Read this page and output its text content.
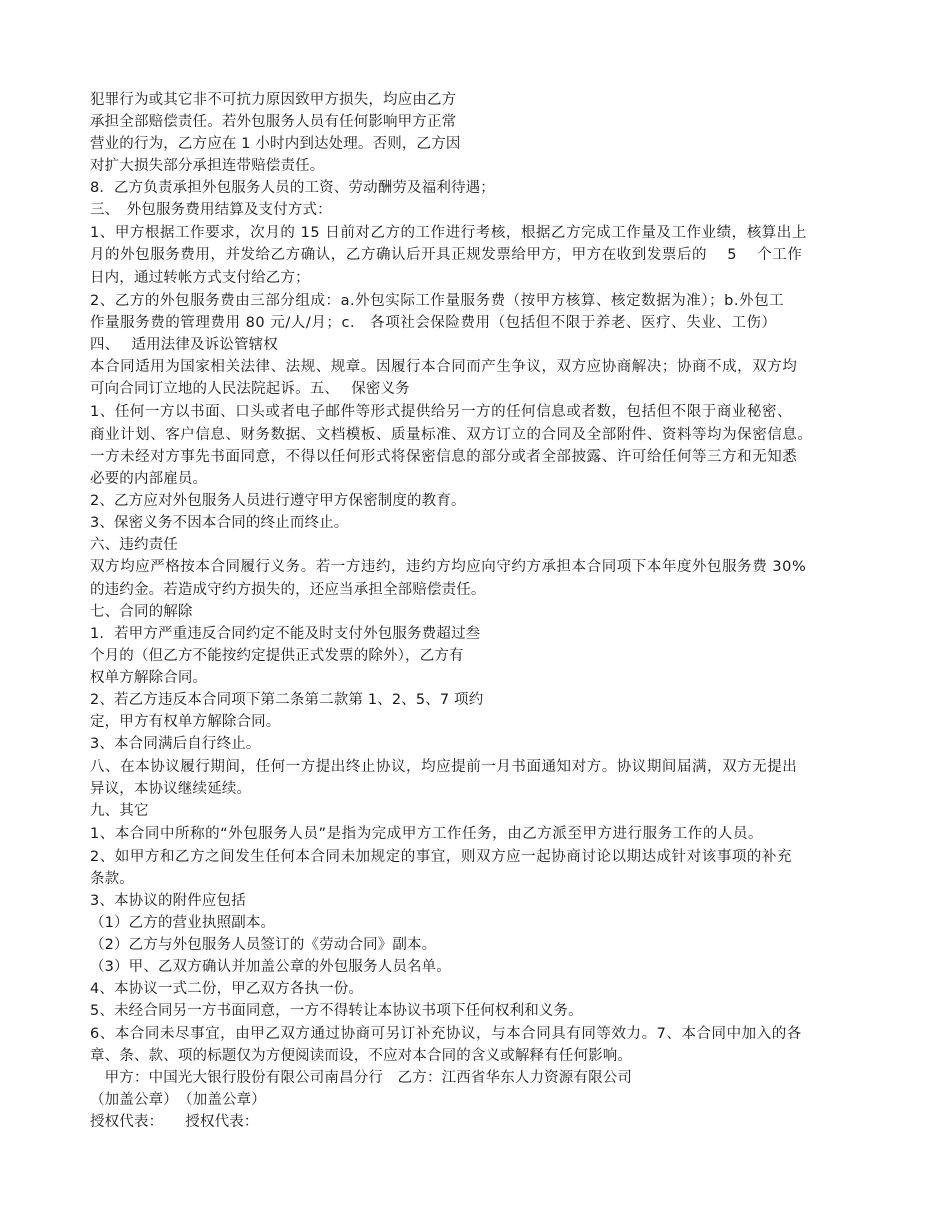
犯罪行为或其它非不可抗力原因致甲方损失，均应由乙方
承担全部赔偿责任。若外包服务人员有任何影响甲方正常
营业的行为，乙方应在 1 小时内到达处理。否则，乙方因
对扩大损失部分承担连带赔偿责任。
8．乙方负责承担外包服务人员的工资、劳动酬劳及福利待遇；
三、　外包服务费用结算及支付方式：
1、甲方根据工作要求，次月的 15 日前对乙方的工作进行考核，根据乙方完成工作量及工作业绩，核算出上
月的外包服务费用，并发给乙方确认，乙方确认后开具正规发票给甲方，甲方在收到发票后的　 5　 个工作
日内，通过转帐方式支付给乙方；
2、乙方的外包服务费由三部分组成：a.外包实际工作量服务费（按甲方核算、核定数据为准）；b.外包工
作量服务费的管理费用 80 元/人/月；c． 各项社会保险费用（包括但不限于养老、医疗、失业、工伤）
四、　 适用法律及诉讼管辖权
本合同适用为国家相关法律、法规、规章。因履行本合同而产生争议，双方应协商解决；协商不成，双方均
可向合同订立地的人民法院起诉。五、　 保密义务
1、任何一方以书面、口头或者电子邮件等形式提供给另一方的任何信息或者数，包括但不限于商业秘密、
商业计划、客户信息、财务数据、文档模板、质量标准、双方订立的合同及全部附件、资料等均为保密信息。
一方未经对方事先书面同意，不得以任何形式将保密信息的部分或者全部披露、许可给任何等三方和无知悉
必要的内部雇员。
2、乙方应对外包服务人员进行遵守甲方保密制度的教育。
3、保密义务不因本合同的终止而终止。
六、违约责任
双方均应严格按本合同履行义务。若一方违约，违约方均应向守约方承担本合同项下本年度外包服务费 30%
的违约金。若造成守约方损失的，还应当承担全部赔偿责任。
七、合同的解除
1．若甲方严重违反合同约定不能及时支付外包服务费超过叁
个月的（但乙方不能按约定提供正式发票的除外），乙方有
权单方解除合同。
2、若乙方违反本合同项下第二条第二款第 1、2、5、7 项约
定，甲方有权单方解除合同。
3、本合同满后自行终止。
八、在本协议履行期间，任何一方提出终止协议，均应提前一月书面通知对方。协议期间届满，双方无提出
异议，本协议继续延续。
九、其它
1、本合同中所称的“外包服务人员”是指为完成甲方工作任务，由乙方派至甲方进行服务工作的人员。
2、如甲方和乙方之间发生任何本合同未加规定的事宜，则双方应一起协商讨论以期达成针对该事项的补充
条款。
3、本协议的附件应包括
（1）乙方的营业执照副本。
（2）乙方与外包服务人员签订的《劳动合同》副本。
（3）甲、乙双方确认并加盖公章的外包服务人员名单。
4、本协议一式二份，甲乙双方各执一份。
5、未经合同另一方书面同意，一方不得转让本协议书项下任何权利和义务。
6、本合同未尽事宜，由甲乙双方通过协商可另订补充协议，与本合同具有同等效力。7、本合同中加入的各
章、条、款、项的标题仅为方便阅读而设，不应对本合同的含义或解释有任何影响。
　甲方：中国光大银行股份有限公司南昌分行　乙方：江西省华东人力资源有限公司
（加盖公章）　（加盖公章）
授权代表：　　授权代表：
